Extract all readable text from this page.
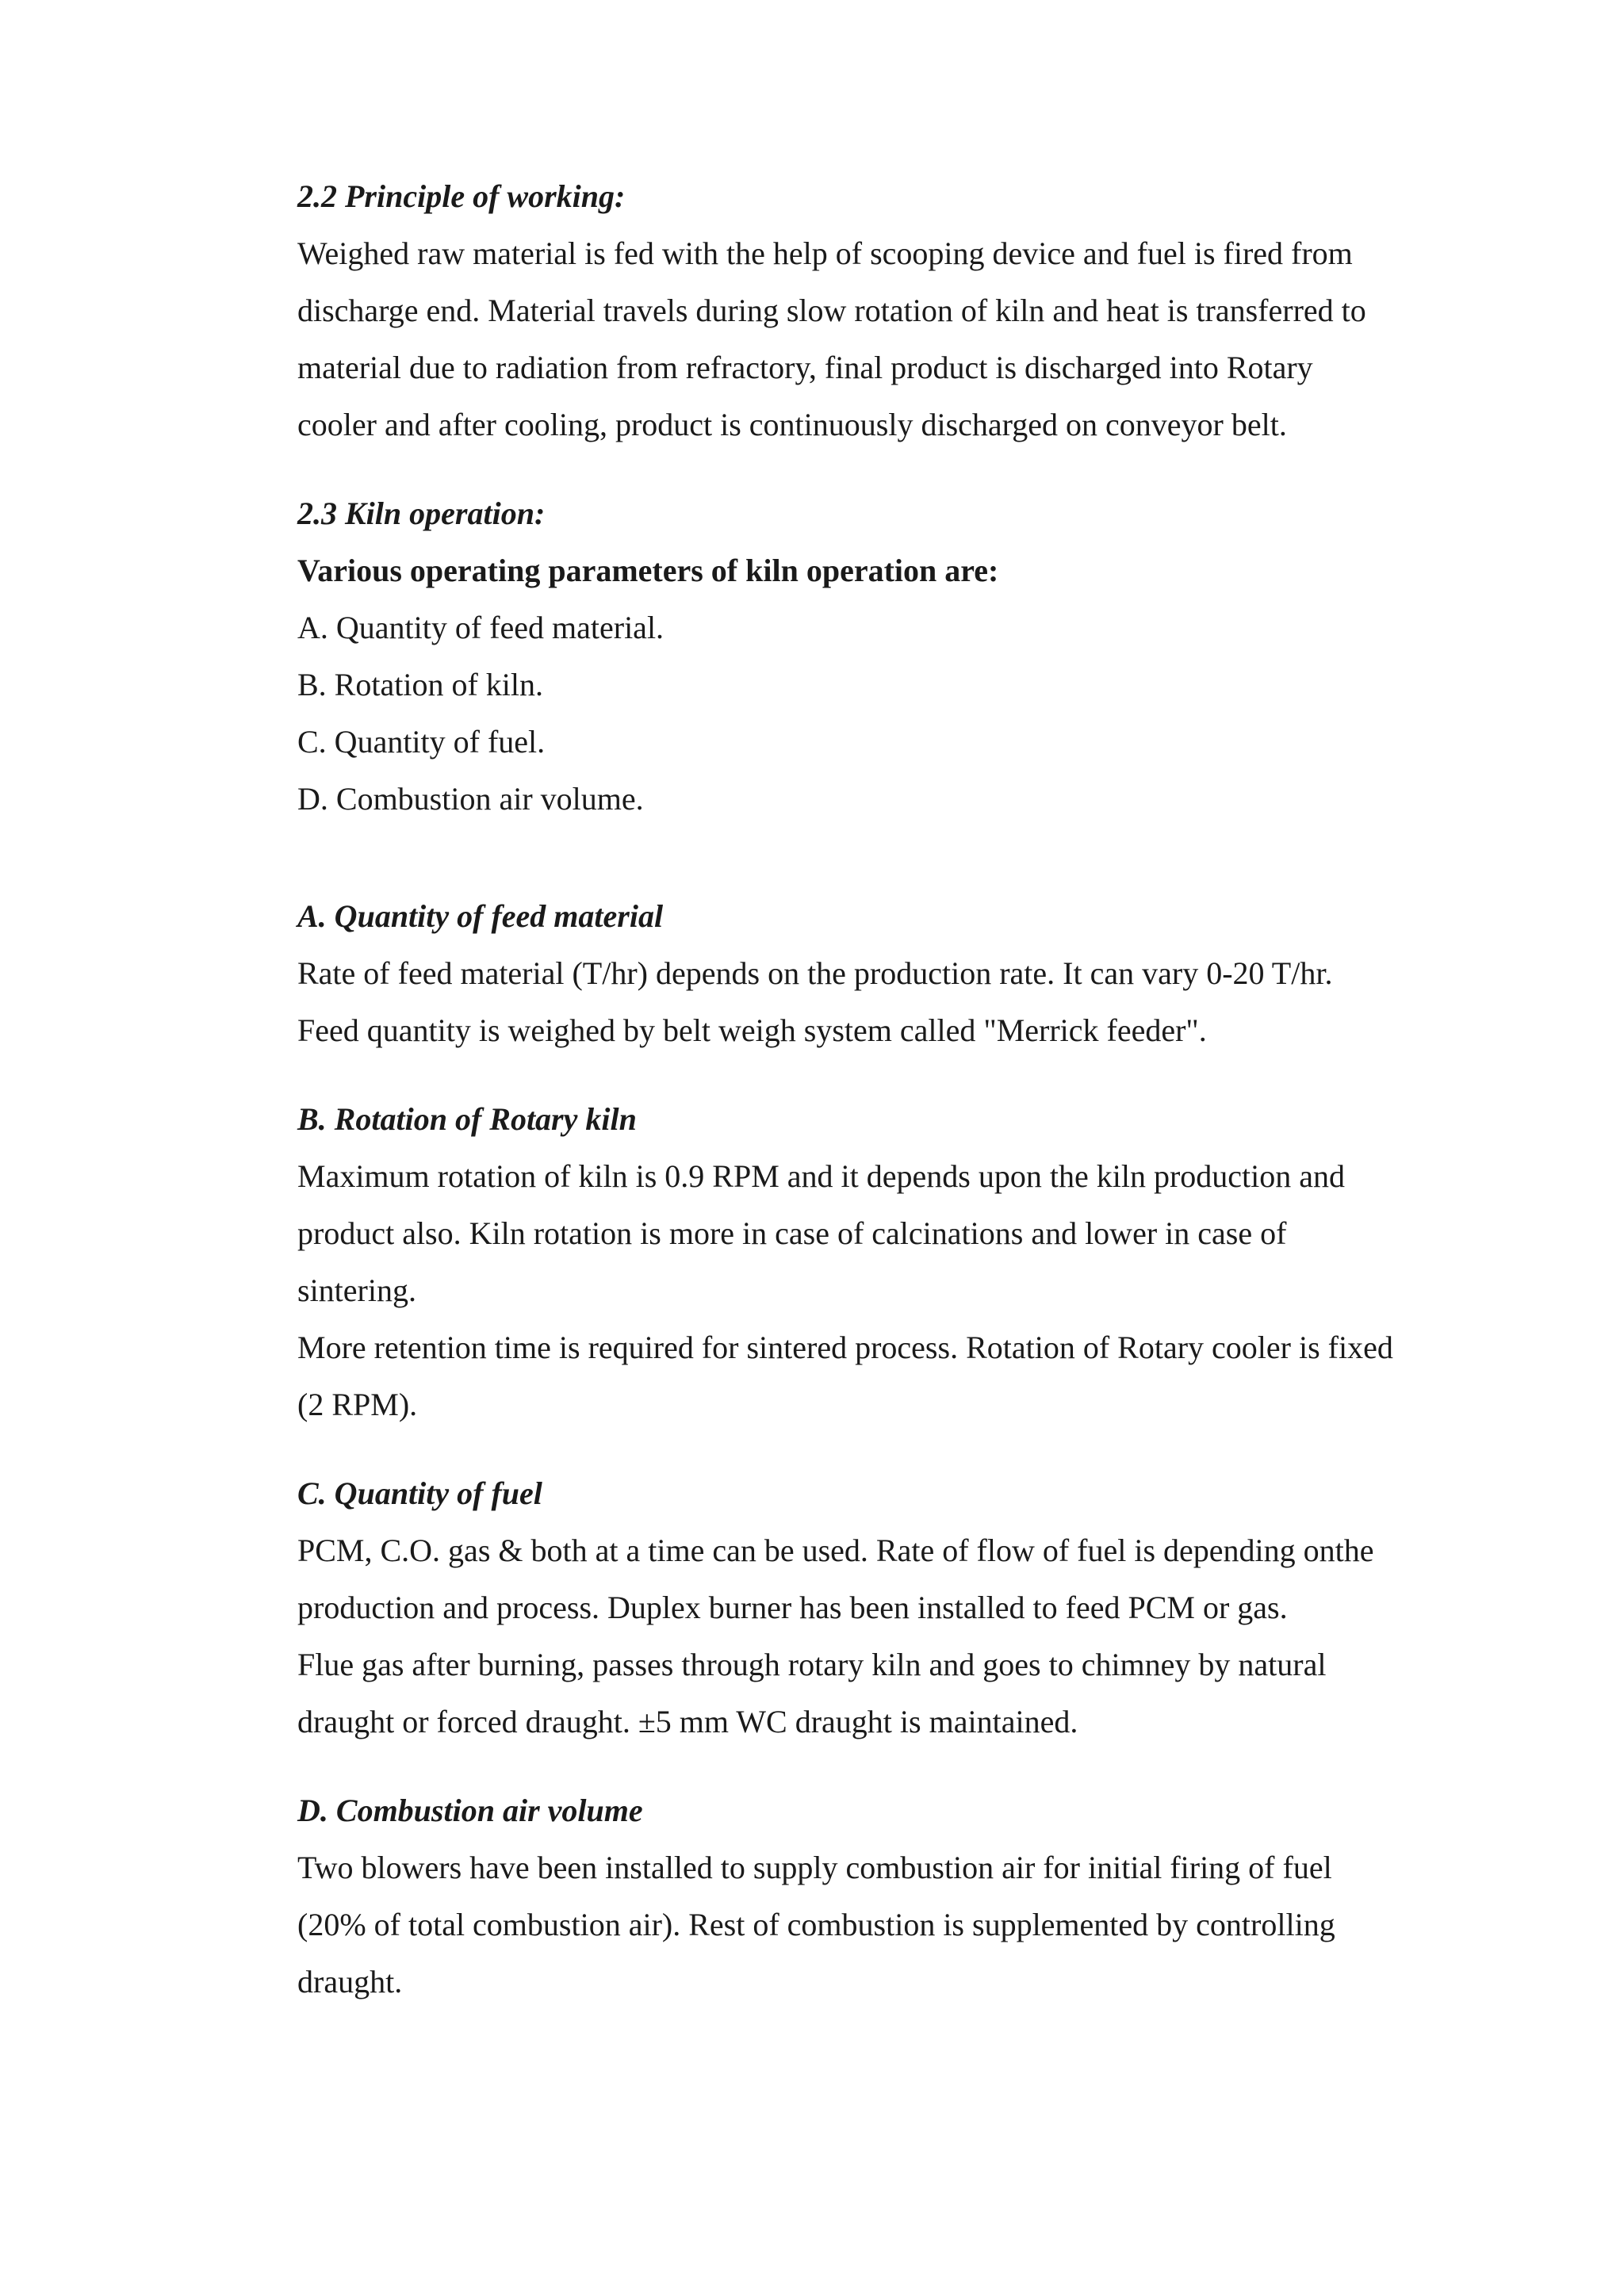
2.2 Principle of working:
Weighed raw material is fed with the help of scooping device and fuel is fired from
discharge end. Material travels during slow rotation of kiln and heat is transferred to
material due to radiation from refractory, final product is discharged into Rotary
cooler and after cooling, product is continuously discharged on conveyor belt.
2.3 Kiln operation:
Various operating parameters of kiln operation are:
A. Quantity of feed material.
B. Rotation of kiln.
C. Quantity of fuel.
D. Combustion air volume.
A. Quantity of feed material
Rate of feed material (T/hr) depends on the production rate. It can vary 0-20 T/hr.
Feed quantity is weighed by belt weigh system called "Merrick feeder".
B. Rotation of Rotary kiln
Maximum rotation of kiln is 0.9 RPM and it depends upon the kiln production and
product also. Kiln rotation is more in case of calcinations and lower in case of
sintering.
More retention time is required for sintered process. Rotation of Rotary cooler is fixed
(2 RPM).
C. Quantity of fuel
PCM, C.O. gas & both at a time can be used. Rate of flow of fuel is depending onthe
production and process. Duplex burner has been installed to feed PCM or gas.
Flue gas after burning, passes through rotary kiln and goes to chimney by natural
draught or forced draught. ±5 mm WC draught is maintained.
D. Combustion air volume
Two blowers have been installed to supply combustion air for initial firing of fuel
(20% of total combustion air). Rest of combustion is supplemented by controlling
draught.
